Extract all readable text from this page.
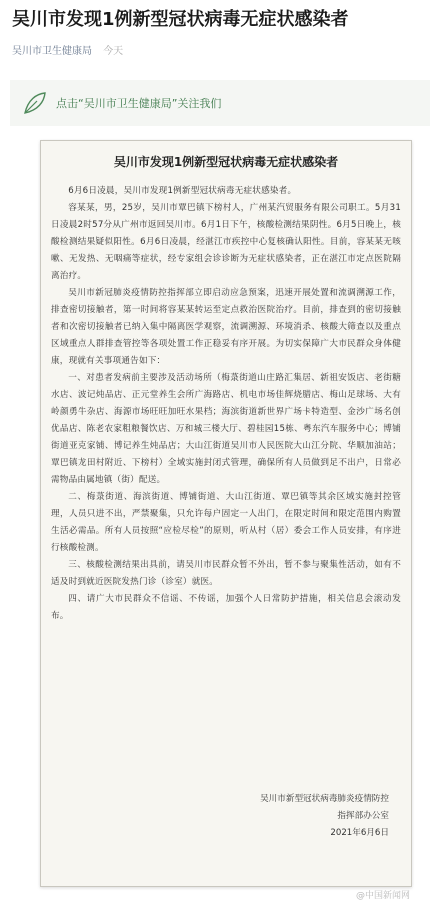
吴川市发现1例新型冠状病毒无症状感染者
吴川市卫生健康局 今天
点击“吴川市卫生健康局”关注我们
吴川市发现1例新型冠状病毒无症状感染者

6月6日凌晨，吴川市发现1例新型冠状病毒无症状感染者。

容某某，男，25岁，吴川市覃巴镇下榜村人，广州某汽贸服务有限公司职工。5月31日凌晨2时57分从广州市返回吴川市。6月1日下午，核酸检测结果阴性。6月5日晚上，核酸检测结果疑似阳性。6月6日凌晨，经湛江市疾控中心复核确认阳性。目前，容某某无咳嗽、无发热、无咽痛等症状，经专家组会诊诊断为无症状感染者，正在湛江市定点医院隔离治疗。

吴川市新冠肺炎疫情防控指挥部立即启动应急预案，迅速开展处置和流调溯源工作，排查密切接触者，第一时间将容某某转运至定点救治医院治疗。目前，排查到的密切接触者和次密切接触者已纳入集中隔离医学观察，流调溯源、环境消杀、核酸大筛查以及重点区域重点人群排查管控等各项处置工作正稳妥有序开展。为切实保障广大市民群众身体健康，现就有关事项通告如下：

一、对患者发病前主要涉及活动场所（梅菉街道山庄路汇集居、新祖安饭店、老街糖水店、波记炖品店、正元堂养生会所广海路店、机电市场佳辉烧腊店、梅山足球场、大有岭颜勇牛杂店、海源市场旺旺加旺水果档；海滨街道新世界广场卡特造型、金沙广场名创优品店、陈老农家粗粮餐饮店、万和城三楼大厅、碧桂园15栋、粤东汽车服务中心；博铺街道亚克家铺、博记养生炖品店；大山江街道吴川市人民医院大山江分院、华顺加油站；覃巴镇龙田村附近、下榜村）全域实施封闭式管理，确保所有人员做到足不出户，日常必需物品由属地镇（街）配送。

二、梅菉街道、海滨街道、博铺街道、大山江街道、覃巴镇等其余区域实施封控管理，人员只进不出，严禁聚集，只允许每户固定一人出门，在限定时间和限定范围内购置生活必需品。所有人员按照“应检尽检”的原则，听从村（居）委会工作人员安排，有序进行核酸检测。

三、核酸检测结果出具前，请吴川市民群众暂不外出，暂不参与聚集性活动，如有不适及时到就近医院发热门诊（诊室）就医。

四、请广大市民群众不信谣、不传谣，加强个人日常防护措施，相关信息会滚动发布。

吴川市新型冠状病毒肺炎疫情防控
指挥部办公室
2021年6月6日
@中国新闻网
